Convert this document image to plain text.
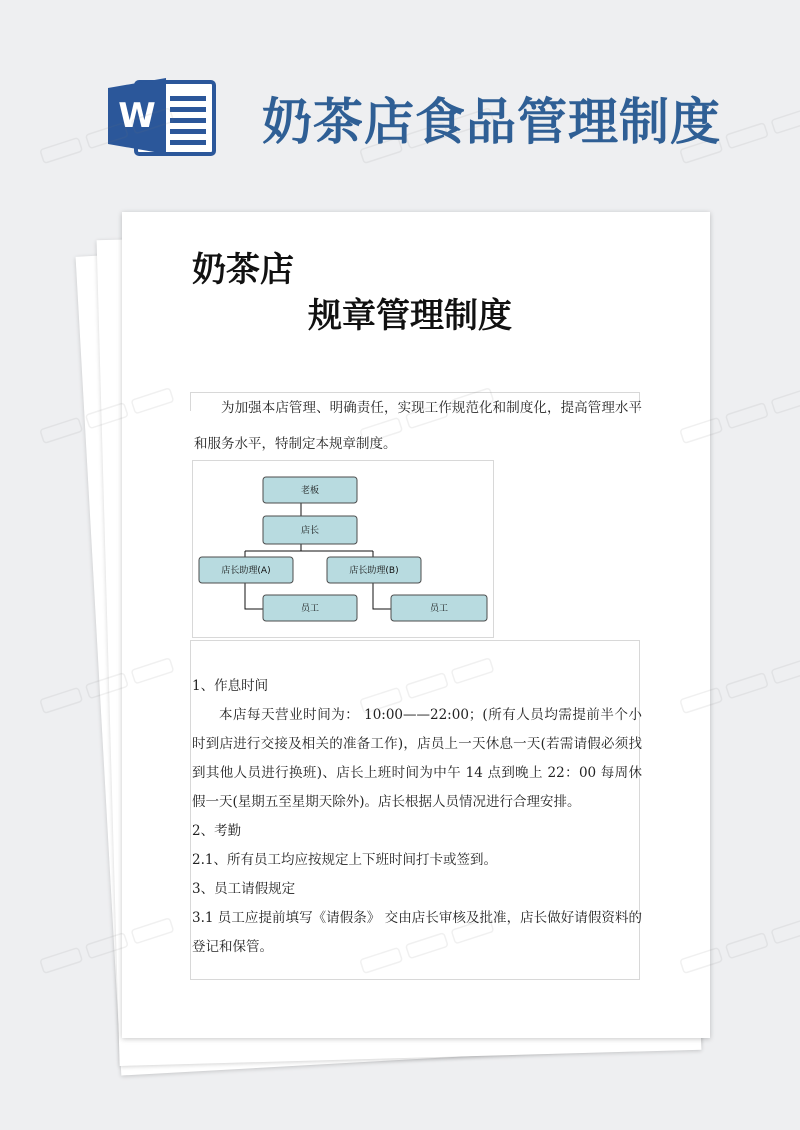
W 奶茶店食品管理制度
奶茶店
规章管理制度

为加强本店管理、明确责任，实现工作规范化和制度化，提高管理水平和服务水平，特制定本规章制度。

老板
店长
店长助理(A)	店长助理(B)
员工	员工

1、作息时间

本店每天营业时间为： 10:00——22:00；(所有人员均需提前半个小时到店进行交接及相关的准备工作)，店员上一天休息一天(若需请假必须找到其他人员进行换班)、店长上班时间为中午 14 点到晚上 22：00 每周休假一天(星期五至星期天除外)。店长根据人员情况进行合理安排。

2、考勤

2.1、所有员工均应按规定上下班时间打卡或签到。

3、员工请假规定

3.1 员工应提前填写《请假条》 交由店长审核及批准，店长做好请假资料的登记和保管。
